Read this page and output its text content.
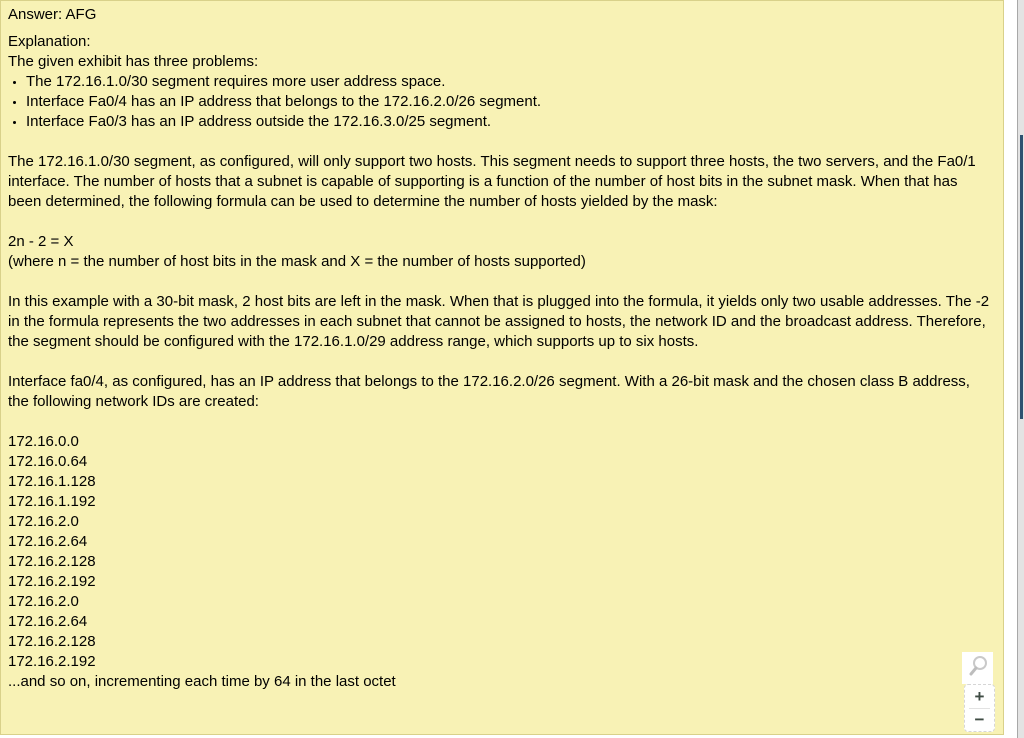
Answer: AFG
Explanation:
The given exhibit has three problems:
The 172.16.1.0/30 segment requires more user address space.
Interface Fa0/4 has an IP address that belongs to the 172.16.2.0/26 segment.
Interface Fa0/3 has an IP address outside the 172.16.3.0/25 segment.
The 172.16.1.0/30 segment, as configured, will only support two hosts. This segment needs to support three hosts, the two servers, and the Fa0/1 interface. The number of hosts that a subnet is capable of supporting is a function of the number of host bits in the subnet mask. When that has been determined, the following formula can be used to determine the number of hosts yielded by the mask:
2n - 2 = X
(where n = the number of host bits in the mask and X = the number of hosts supported)
In this example with a 30-bit mask, 2 host bits are left in the mask. When that is plugged into the formula, it yields only two usable addresses. The -2 in the formula represents the two addresses in each subnet that cannot be assigned to hosts, the network ID and the broadcast address. Therefore, the segment should be configured with the 172.16.1.0/29 address range, which supports up to six hosts.
Interface fa0/4, as configured, has an IP address that belongs to the 172.16.2.0/26 segment. With a 26-bit mask and the chosen class B address, the following network IDs are created:
172.16.0.0
172.16.0.64
172.16.1.128
172.16.1.192
172.16.2.0
172.16.2.64
172.16.2.128
172.16.2.192
172.16.2.0
172.16.2.64
172.16.2.128
172.16.2.192
...and so on, incrementing each time by 64 in the last octet
+
−
